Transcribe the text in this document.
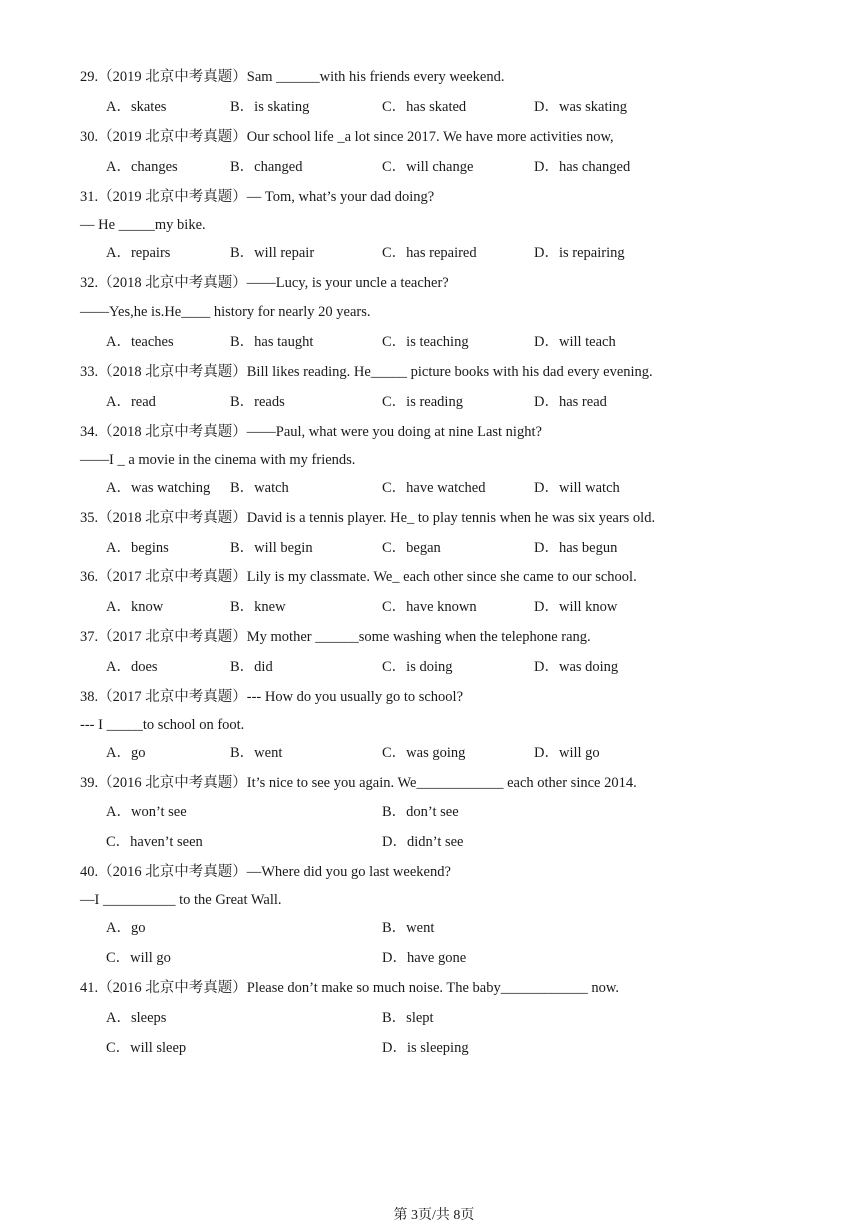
29.（2019 北京中考真题）Sam ______with his friends every weekend.
A．skates	B．is skating	C．has skated	D．was skating
30.（2019 北京中考真题）Our school life _a lot since 2017. We have more activities now,
A．changes	B．changed	C．will change	D．has changed
31.（2019 北京中考真题）— Tom, what’s your dad doing?
— He _____my bike.
A．repairs	B．will repair	C．has repaired	D．is repairing
32.（2018 北京中考真题）——Lucy, is your uncle a teacher?
——Yes,he is.He____ history for nearly 20 years.
A．teaches	B．has taught	C．is teaching	D．will teach
33.（2018 北京中考真题）Bill likes reading. He_____ picture books with his dad every evening.
A．read	B．reads	C．is reading	D．has read
34.（2018 北京中考真题）——Paul, what were you doing at nine Last night?
——I _ a movie in the cinema with my friends.
A．was watching B．watch	C．have watched	D．will watch
35.（2018 北京中考真题）David is a tennis player. He_ to play tennis when he was six years old.
A．begins	B．will begin	C．began	D．has begun
36.（2017 北京中考真题）Lily is my classmate. We_ each other since she came to our school.
A．know	B．knew	C．have known	D．will know
37.（2017 北京中考真题）My mother ______some washing when the telephone rang.
A．does	B．did	C．is doing	D．was doing
38.（2017 北京中考真题）--- How do you usually go to school?
--- I _____to school on foot.
A．go	B．went	C．was going	D．will go
39.（2016 北京中考真题）It’s nice to see you again. We____________ each other since 2014.
A．won’t see	B．don’t see
C．haven’t seen	D．didn’t see
40.（2016 北京中考真题）—Where did you go last weekend?
—I __________ to the Great Wall.
A．go	B．went
C．will go	D．have gone
41.（2016 北京中考真题）Please don’t make so much noise. The baby____________ now.
A．sleeps	B．slept
C．will sleep	D．is sleeping
第 3页/共 8页
